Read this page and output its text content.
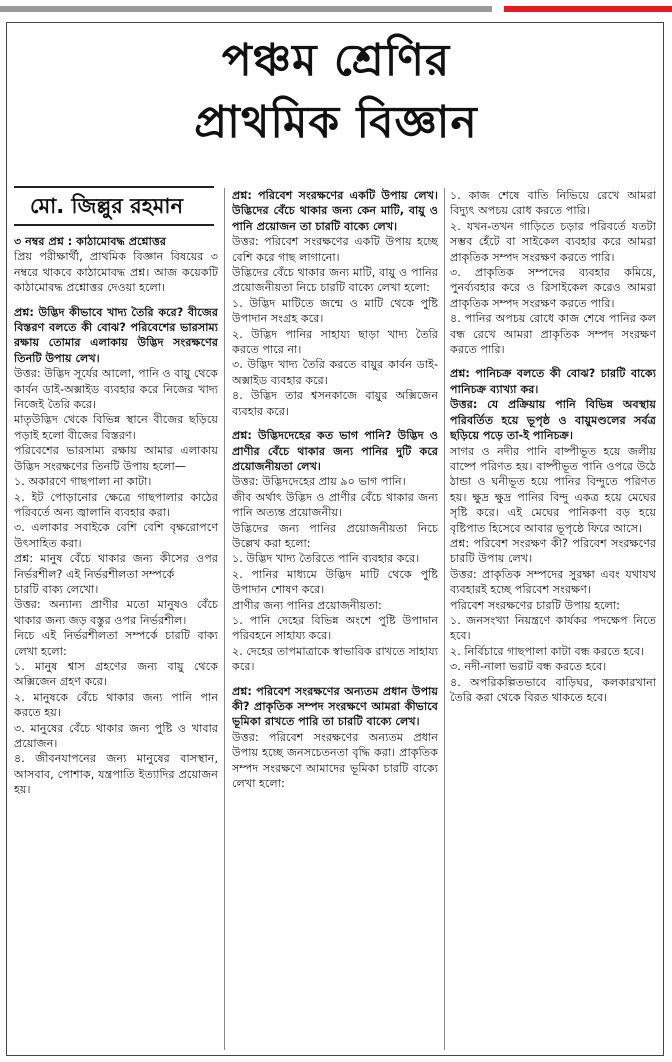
পঞ্চম শ্রেণির
প্রাথমিক বিজ্ঞান
মো. জিল্লুর রহমান
৩ নম্বর প্রশ্ন : কাঠামোবদ্ধ প্রশ্নোত্তর
প্রিয় পরীক্ষার্থী, প্রাথমিক বিজ্ঞান বিষয়ের ৩ নম্বরে থাকবে কাঠামোবদ্ধ প্রশ্ন। আজ কয়েকটি কাঠামোবদ্ধ প্রশ্নোত্তর দেওয়া হলো।
প্রশ্ন: উদ্ভিদ কীভাবে খাদ্য তৈরি করে? বীজের বিস্তরণ বলতে কী বোঝ? পরিবেশের ভারসাম্য রক্ষায় তোমার এলাকায় উদ্ভিদ সংরক্ষণের তিনটি উপায় লেখ।
উত্তর: উদ্ভিদ সূর্যের আলো, পানি ও বায়ু থেকে কার্বন ডাই-অক্সাইড ব্যবহার করে নিজের খাদ্য নিজেই তৈরি করে।
মাতৃউদ্ভিদ থেকে বিভিন্ন স্থানে বীজের ছড়িয়ে পড়াই হলো বীজের বিস্তরণ।
পরিবেশের ভারসাম্য রক্ষায় আমার এলাকায় উদ্ভিদ সংরক্ষণের তিনটি উপায় হলো—
১. অকারণে গাছপালা না কাটা।
২. ইট পোড়ানোর ক্ষেত্রে গাছপালার কাঠের পরিবর্তে অন্য জ্বালানি ব্যবহার করা।
৩. এলাকার সবাইকে বেশি বেশি বৃক্ষরোপণে উৎসাহিত করা।
প্রশ্ন: মানুষ বেঁচে থাকার জন্য কীসের ওপর নির্ভরশীল? এই নির্ভরশীলতা সম্পর্কে
চারটি বাক্য লেখো।
উত্তর: অন্যান্য প্রাণীর মতো মানুষও বেঁচে থাকার জন্য জড় বস্তুর ওপর নির্ভরশীল।
নিচে এই নির্ভরশীলতা সম্পর্কে চারটি বাক্য লেখা হলো:
১. মানুষ শ্বাস গ্রহণের জন্য বায়ু থেকে অক্সিজেন গ্রহণ করে।
২. মানুষকে বেঁচে থাকার জন্য পানি পান করতে হয়।
৩. মানুষের বেঁচে থাকার জন্য পুষ্টি ও খাবার প্রয়োজন।
৪. জীবনযাপনের জন্য মানুষের বাসস্থান, আসবাব, পোশাক, যন্ত্রপাতি ইত্যাদির প্রয়োজন হয়।
প্রশ্ন: পরিবেশ সংরক্ষণের একটি উপায় লেখ। উদ্ভিদের বেঁচে থাকার জন্য কেন মাটি, বায়ু ও পানি প্রয়োজন তা চারটি বাক্যে লেখ।
উত্তর: পরিবেশ সংরক্ষণের একটি উপায় হচ্ছে বেশি করে গাছ লাগানো।
উদ্ভিদের বেঁচে থাকার জন্য মাটি, বায়ু ও পানির প্রয়োজনীয়তা নিচে চারটি বাক্যে লেখা হলো:
১. উদ্ভিদ মাটিতে জন্মে ও মাটি থেকে পুষ্টি উপাদান সংগ্রহ করে।
২. উদ্ভিদ পানির সাহায্য ছাড়া খাদ্য তৈরি করতে পারে না।
৩. উদ্ভিদ খাদ্য তৈরি করতে বায়ুর কার্বন ডাই-অক্সাইড ব্যবহার করে।
৪. উদ্ভিদ তার শ্বসনকাজে বায়ুর অক্সিজেন ব্যবহার করে।
প্রশ্ন: উদ্ভিদদেহের কত ভাগ পানি? উদ্ভিদ ও প্রাণীর বেঁচে থাকার জন্য পানির দুটি করে প্রয়োজনীয়তা লেখ।
উত্তর: উদ্ভিদদেহের প্রায় ৯০ ভাগ পানি।
জীব অর্থাৎ উদ্ভিদ ও প্রাণীর বেঁচে থাকার জন্য পানি অত্যন্ত প্রয়োজনীয়।
উদ্ভিদের জন্য পানির প্রয়োজনীয়তা নিচে উল্লেখ করা হলো:
১. উদ্ভিদ খাদ্য তৈরিতে পানি ব্যবহার করে।
২. পানির মাধ্যমে উদ্ভিদ মাটি থেকে পুষ্টি উপাদান শোষণ করে।
প্রাণীর জন্য পানির প্রয়োজনীয়তা:
১. পানি দেহের বিভিন্ন অংশে পুষ্টি উপাদান পরিবহনে সাহায্য করে।
২. দেহের তাপমাত্রাকে স্বাভাবিক রাখতে সাহায্য করে।
প্রশ্ন: পরিবেশ সংরক্ষণের অন্যতম প্রধান উপায় কী? প্রাকৃতিক সম্পদ সংরক্ষণে আমরা কীভাবে ভূমিকা রাখতে পারি তা চারটি বাক্যে লেখ।
উত্তর: পরিবেশ সংরক্ষণের অন্যতম প্রধান উপায় হচ্ছে জনসচেতনতা বৃদ্ধি করা। প্রাকৃতিক সম্পদ সংরক্ষণে আমাদের ভূমিকা চারটি বাক্যে লেখা হলো:
১. কাজ শেষে বাতি নিভিয়ে রেখে আমরা বিদ্যুৎ অপচয় রোধ করতে পারি।
২. যখন-তখন গাড়িতে চড়ার পরিবর্তে যতটা সম্ভব হেঁটে বা সাইকেল ব্যবহার করে আমরা প্রাকৃতিক সম্পদ সংরক্ষণ করতে পারি।
৩. প্রাকৃতিক সম্পদের ব্যবহার কমিয়ে, পুনর্ব্যবহার করে ও রিসাইকেল করেও আমরা প্রাকৃতিক সম্পদ সংরক্ষণ করতে পারি।
৪. পানির অপচয় রোধে কাজ শেষে পানির কল বন্ধ রেখে আমরা প্রাকৃতিক সম্পদ সংরক্ষণ করতে পারি।
প্রশ্ন: পানিচক্র বলতে কী বোঝ? চারটি বাক্যে পানিচক্র ব্যাখ্যা কর।
উত্তর: যে প্রক্রিয়ায় পানি বিভিন্ন অবস্থায় পরিবর্তিত হয়ে ভূপৃষ্ঠ ও বায়ুমণ্ডলের সর্বত্র ছড়িয়ে পড়ে তা-ই পানিচক্র।
সাগর ও নদীর পানি বাষ্পীভূত হয়ে জলীয় বাষ্পে পরিণত হয়। বাষ্পীভূত পানি ওপরে উঠে ঠান্ডা ও ঘনীভূত হয়ে পানির বিন্দুতে পরিণত হয়। ক্ষুদ্র ক্ষুদ্র পানির বিন্দু একত্র হয়ে মেঘের সৃষ্টি করে। এই মেঘের পানিকণা বড় হয়ে বৃষ্টিপাত হিসেবে আবার ভূপৃষ্ঠে ফিরে আসে।
প্রশ্ন: পরিবেশ সংরক্ষণ কী? পরিবেশ সংরক্ষণের চারটি উপায় লেখ।
উত্তর: প্রাকৃতিক সম্পদের সুরক্ষা এবং যথাযথ ব্যবহারই হচ্ছে পরিবেশ সংরক্ষণ।
পরিবেশ সংরক্ষণের চারটি উপায় হলো:
১. জনসংখ্যা নিয়ন্ত্রণে কার্যকর পদক্ষেপ নিতে হবে।
২. নির্বিচারে গাছপালা কাটা বন্ধ করতে হবে।
৩. নদী-নালা ভরাট বন্ধ করতে হবে।
৪. অপরিকল্পিতভাবে বাড়িঘর, কলকারখানা তৈরি করা থেকে বিরত থাকতে হবে।
